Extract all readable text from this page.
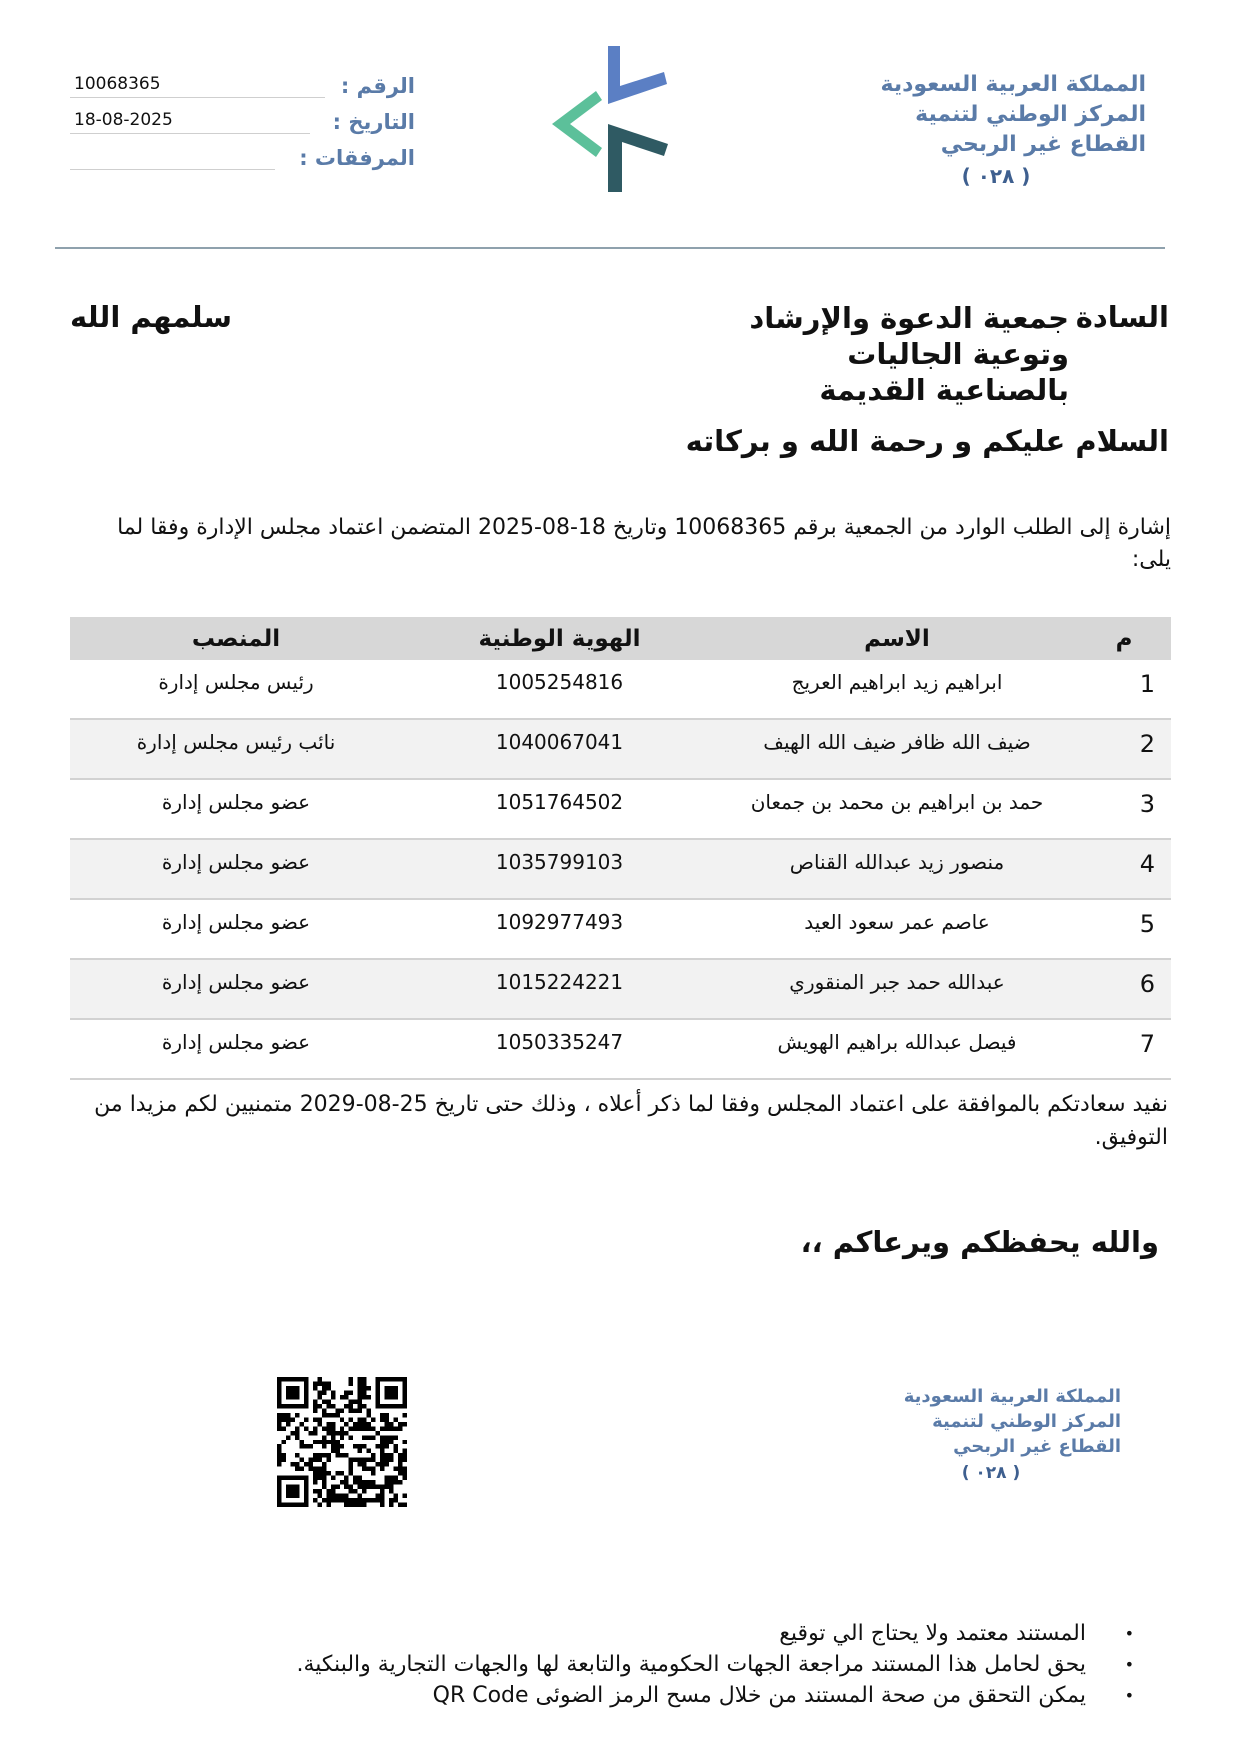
المملكة العربية السعودية
المركز الوطني لتنمية
القطاع غير الربحي
( ٠٢٨ )
10068365	الرقم :
18-08-2025	التاريخ :
المرفقات :
السادة
جمعية الدعوة والإرشاد وتوعية الجاليات بالصناعية القديمة
سلمهم الله
السلام عليكم و رحمة الله و بركاته
إشارة إلى الطلب الوارد من الجمعية برقم 10068365 وتاريخ 18-08-2025 المتضمن اعتماد مجلس الإدارة وفقا لما يلى:
م	الاسم	الهوية الوطنية	المنصب

1	ابراهيم زيد ابراهيم العريج	1005254816	رئيس مجلس إدارة

2	ضيف الله ظافر ضيف الله الهيف	1040067041	نائب رئيس مجلس إدارة

3	حمد بن ابراهيم بن محمد بن جمعان	1051764502	عضو مجلس إدارة

4	منصور زيد عبدالله القناص	1035799103	عضو مجلس إدارة

5	عاصم عمر سعود العيد	1092977493	عضو مجلس إدارة

6	عبدالله حمد جبر المنقوري	1015224221	عضو مجلس إدارة

7	فيصل عبدالله براهيم الهويش	1050335247	عضو مجلس إدارة
نفيد سعادتكم بالموافقة على اعتماد المجلس وفقا لما ذكر أعلاه ، وذلك حتى تاريخ 25-08-2029 متمنيين لكم مزيدا من التوفيق.
والله يحفظكم ويرعاكم ،،
المملكة العربية السعودية
المركز الوطني لتنمية
القطاع غير الربحي
( ٠٢٨ )
•
المستند معتمد ولا يحتاج الي توقيع
•
يحق لحامل هذا المستند مراجعة الجهات الحكومية والتابعة لها والجهات التجارية والبنكية.
•
يمكن التحقق من صحة المستند من خلال مسح الرمز الضوئى QR Code
